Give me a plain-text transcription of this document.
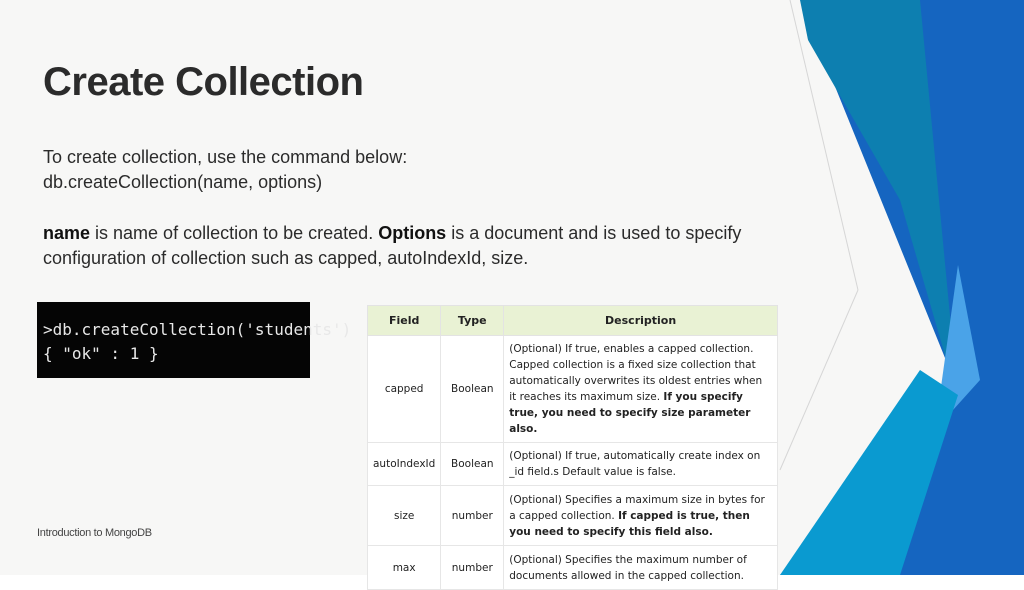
Create Collection

To create collection, use the command below:

db.createCollection(name, options)

name is name of collection to be created. Options is a document and is used to specify configuration of collection such as capped, autoIndexId, size.

>db.createCollection('students')
{ "ok" : 1 }
Introduction to MongoDB
Field	Type	Description
capped	Boolean	(Optional) If true, enables a capped collection. Capped collection is a fixed size collection that automatically overwrites its oldest entries when it reaches its maximum size. If you specify true, you need to specify size parameter also.
autoIndexId	Boolean	(Optional) If true, automatically create index on _id field.s Default value is false.
size	number	(Optional) Specifies a maximum size in bytes for a capped collection. If capped is true, then you need to specify this field also.
max	number	(Optional) Specifies the maximum number of documents allowed in the capped collection.
